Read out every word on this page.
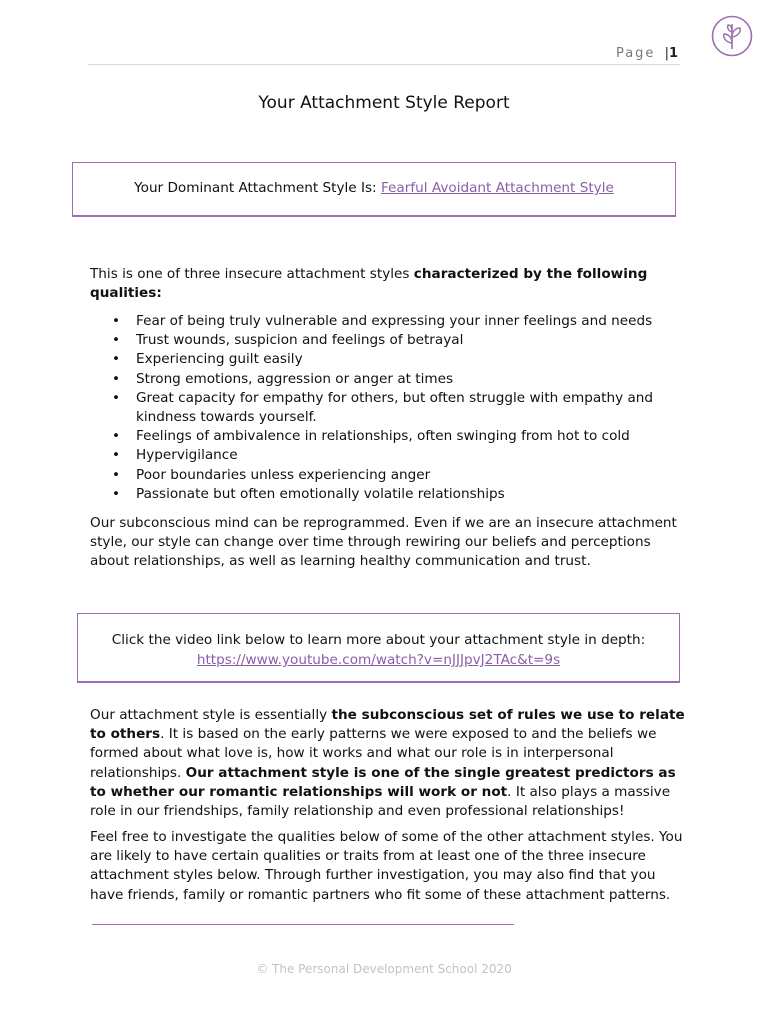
Page |1
Your Attachment Style Report
Your Dominant Attachment Style Is: Fearful Avoidant Attachment Style
This is one of three insecure attachment styles characterized by the following qualities:
• Fear of being truly vulnerable and expressing your inner feelings and needs
• Trust wounds, suspicion and feelings of betrayal
• Experiencing guilt easily
• Strong emotions, aggression or anger at times
• Great capacity for empathy for others, but often struggle with empathy and kindness towards yourself.
• Feelings of ambivalence in relationships, often swinging from hot to cold
• Hypervigilance
• Poor boundaries unless experiencing anger
• Passionate but often emotionally volatile relationships
Our subconscious mind can be reprogrammed. Even if we are an insecure attachment style, our style can change over time through rewiring our beliefs and perceptions about relationships, as well as learning healthy communication and trust.
Click the video link below to learn more about your attachment style in depth:
https://www.youtube.com/watch?v=nJJJpvJ2TAc&t=9s
Our attachment style is essentially the subconscious set of rules we use to relate to others. It is based on the early patterns we were exposed to and the beliefs we formed about what love is, how it works and what our role is in interpersonal relationships. Our attachment style is one of the single greatest predictors as to whether our romantic relationships will work or not. It also plays a massive role in our friendships, family relationship and even professional relationships!
Feel free to investigate the qualities below of some of the other attachment styles. You are likely to have certain qualities or traits from at least one of the three insecure attachment styles below. Through further investigation, you may also find that you have friends, family or romantic partners who fit some of these attachment patterns.
© The Personal Development School 2020
